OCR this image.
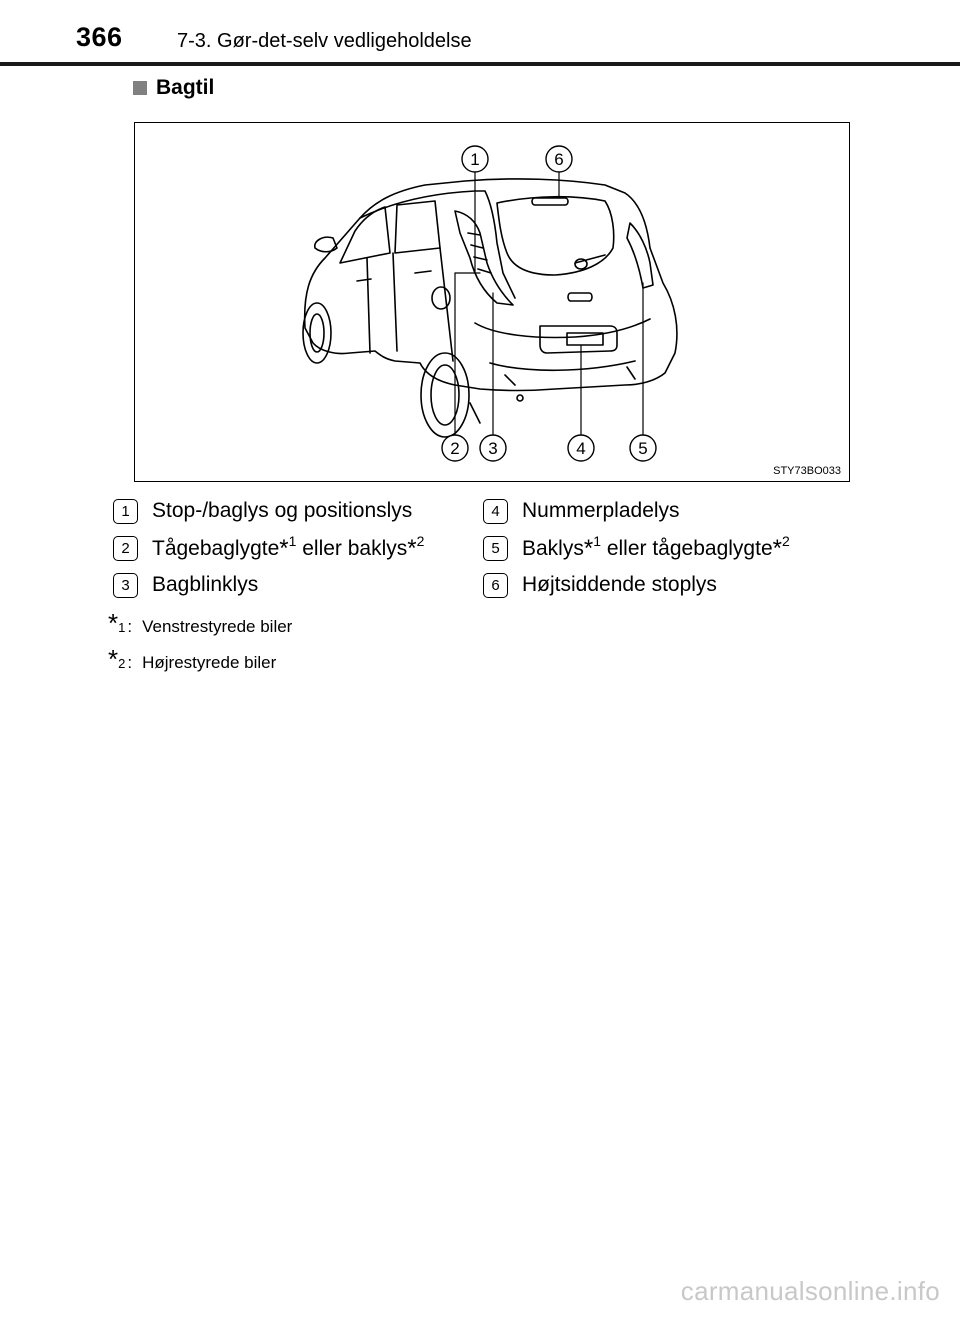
366	7-3. Gør-det-selv vedligeholdelse
Bagtil
1	6
2 3	4	5
STY73BO033
1	Stop-/baglys og positionslys	4	Nummerpladelys
2	Tågebaglygte*$^1$ eller baklys*$^2$	5	Baklys*$^1$ eller tågebaglygte*$^2$
3	Bagblinklys	6	Højtsiddende stoplys
* 1 : Venstrestyrede biler
* 2 : Højrestyrede biler
carmanualsonline.info
